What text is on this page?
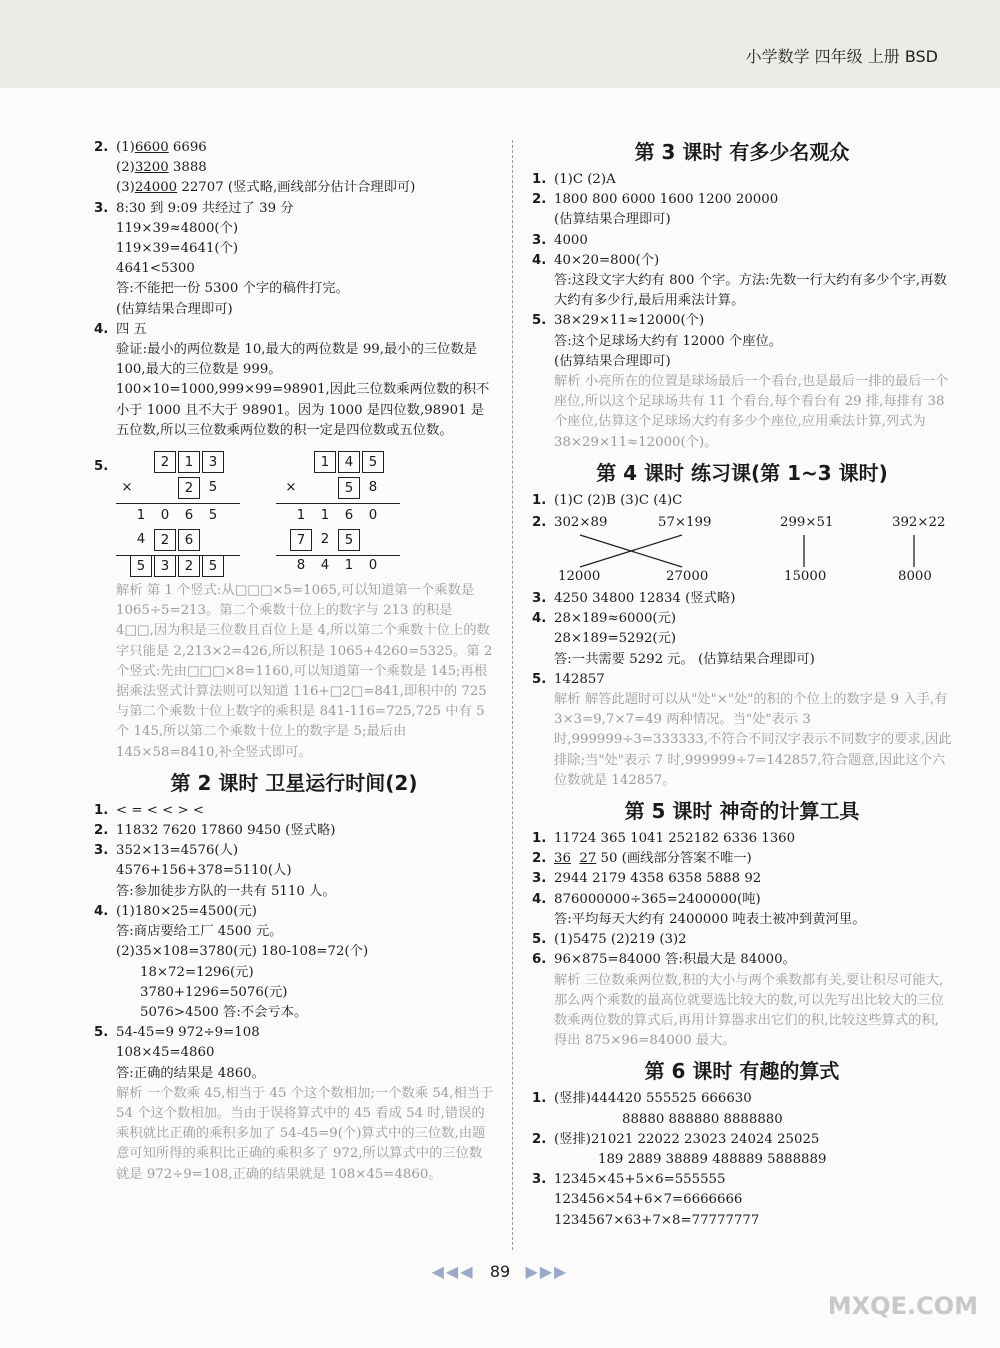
小学数学 四年级 上册 BSD
2. (1)6600 6696
(2)3200 3888
(3)24000 22707 (竖式略,画线部分估计合理即可)
3. 8:30 到 9:09 共经过了 39 分
119×39≈4800(个)
119×39=4641(个)
4641<5300
答:不能把一份 5300 个字的稿件打完。
(估算结果合理即可)
4. 四 五
验证:最小的两位数是 10,最大的两位数是 99,最小的三位数是 100,最大的三位数是 999。100×10=1000,999×99=98901,因此三位数乘两位数的积不小于 1000 且不大于 98901。因为 1000 是四位数,98901 是五位数,所以三位数乘两位数的积一定是四位数或五位数。
5.	2	1	3
×	2	5
1	0	6	5
4	2	6
5	3	2	5
1	4	5
×	5	8
1	1	6	0
7	2	5
8	4	1	0
解析 第 1 个竖式:从□□□×5=1065,可以知道第一个乘数是 1065÷5=213。第二个乘数十位上的数字与 213 的积是 4□□,因为积是三位数且百位上是 4,所以第二个乘数十位上的数字只能是 2,213×2=426,所以积是 1065+4260=5325。第 2 个竖式:先由□□□×8=1160,可以知道第一个乘数是 145;再根据乘法竖式计算法则可以知道 116+□2□=841,即积中的 725 与第二个乘数十位上数字的乘积是 841-116=725,725 中有 5 个 145,所以第二个乘数十位上的数字是 5;最后由 145×58=8410,补全竖式即可。
第 2 课时 卫星运行时间(2)
1. < = < < > <
2. 11832 7620 17860 9450 (竖式略)
3. 352×13=4576(人)
4576+156+378=5110(人)
答:参加徒步方队的一共有 5110 人。
4. (1)180×25=4500(元)
答:商店要给工厂 4500 元。
(2)35×108=3780(元) 180-108=72(个)
18×72=1296(元)
3780+1296=5076(元)
5076>4500 答:不会亏本。
5. 54-45=9 972÷9=108
108×45=4860
答:正确的结果是 4860。
解析 一个数乘 45,相当于 45 个这个数相加;一个数乘 54,相当于 54 个这个数相加。当由于误将算式中的 45 看成 54 时,错误的乘积就比正确的乘积多加了 54-45=9(个)算式中的三位数,由题意可知所得的乘积比正确的乘积多了 972,所以算式中的三位数就是 972÷9=108,正确的结果就是 108×45=4860。
第 3 课时 有多少名观众
1. (1)C (2)A
2. 1800 800 6000 1600 1200 20000
(估算结果合理即可)
3. 4000
4. 40×20=800(个)
答:这段文字大约有 800 个字。方法:先数一行大约有多少个字,再数大约有多少行,最后用乘法计算。
5. 38×29×11≈12000(个)
答:这个足球场大约有 12000 个座位。
(估算结果合理即可)
解析 小亮所在的位置是球场最后一个看台,也是最后一排的最后一个座位,所以这个足球场共有 11 个看台,每个看台有 29 排,每排有 38 个座位,估算这个足球场大约有多少个座位,应用乘法计算,列式为 38×29×11≈12000(个)。
第 4 课时 练习课(第 1~3 课时)
1. (1)C (2)B (3)C (4)C
2. 302×89	57×199	299×51	392×22
12000	27000	15000	8000
3. 4250 34800 12834 (竖式略)
4. 28×189≈6000(元)
28×189=5292(元)
答:一共需要 5292 元。 (估算结果合理即可)
5. 142857
解析 解答此题时可以从"处"×"处"的积的个位上的数字是 9 入手,有 3×3=9,7×7=49 两种情况。当"处"表示 3 时,999999÷3=333333,不符合不同汉字表示不同数字的要求,因此排除;当"处"表示 7 时,999999÷7=142857,符合题意,因此这个六位数就是 142857。
第 5 课时 神奇的计算工具
1. 11724 365 1041 252182 6336 1360
2. 36 27 50 (画线部分答案不唯一)
3. 2944 2179 4358 6358 5888 92
4. 876000000÷365=2400000(吨)
答:平均每天大约有 2400000 吨表土被冲到黄河里。
5. (1)5475 (2)219 (3)2
6. 96×875=84000 答:积最大是 84000。
解析 三位数乘两位数,积的大小与两个乘数都有关,要让积尽可能大,那么两个乘数的最高位就要选比较大的数,可以先写出比较大的三位数乘两位数的算式后,再用计算器求出它们的积,比较这些算式的积,得出 875×96=84000 最大。
第 6 课时 有趣的算式
1. (竖排)444420 555525 666630
88880 888880 8888880
2. (竖排)21021 22022 23023 24024 25025
189 2889 38889 488889 5888889
3. 12345×45+5×6=555555
123456×54+6×7=6666666
1234567×63+7×8=77777777
◀◀◀ 89 ▶▶▶
MXQE.COM
